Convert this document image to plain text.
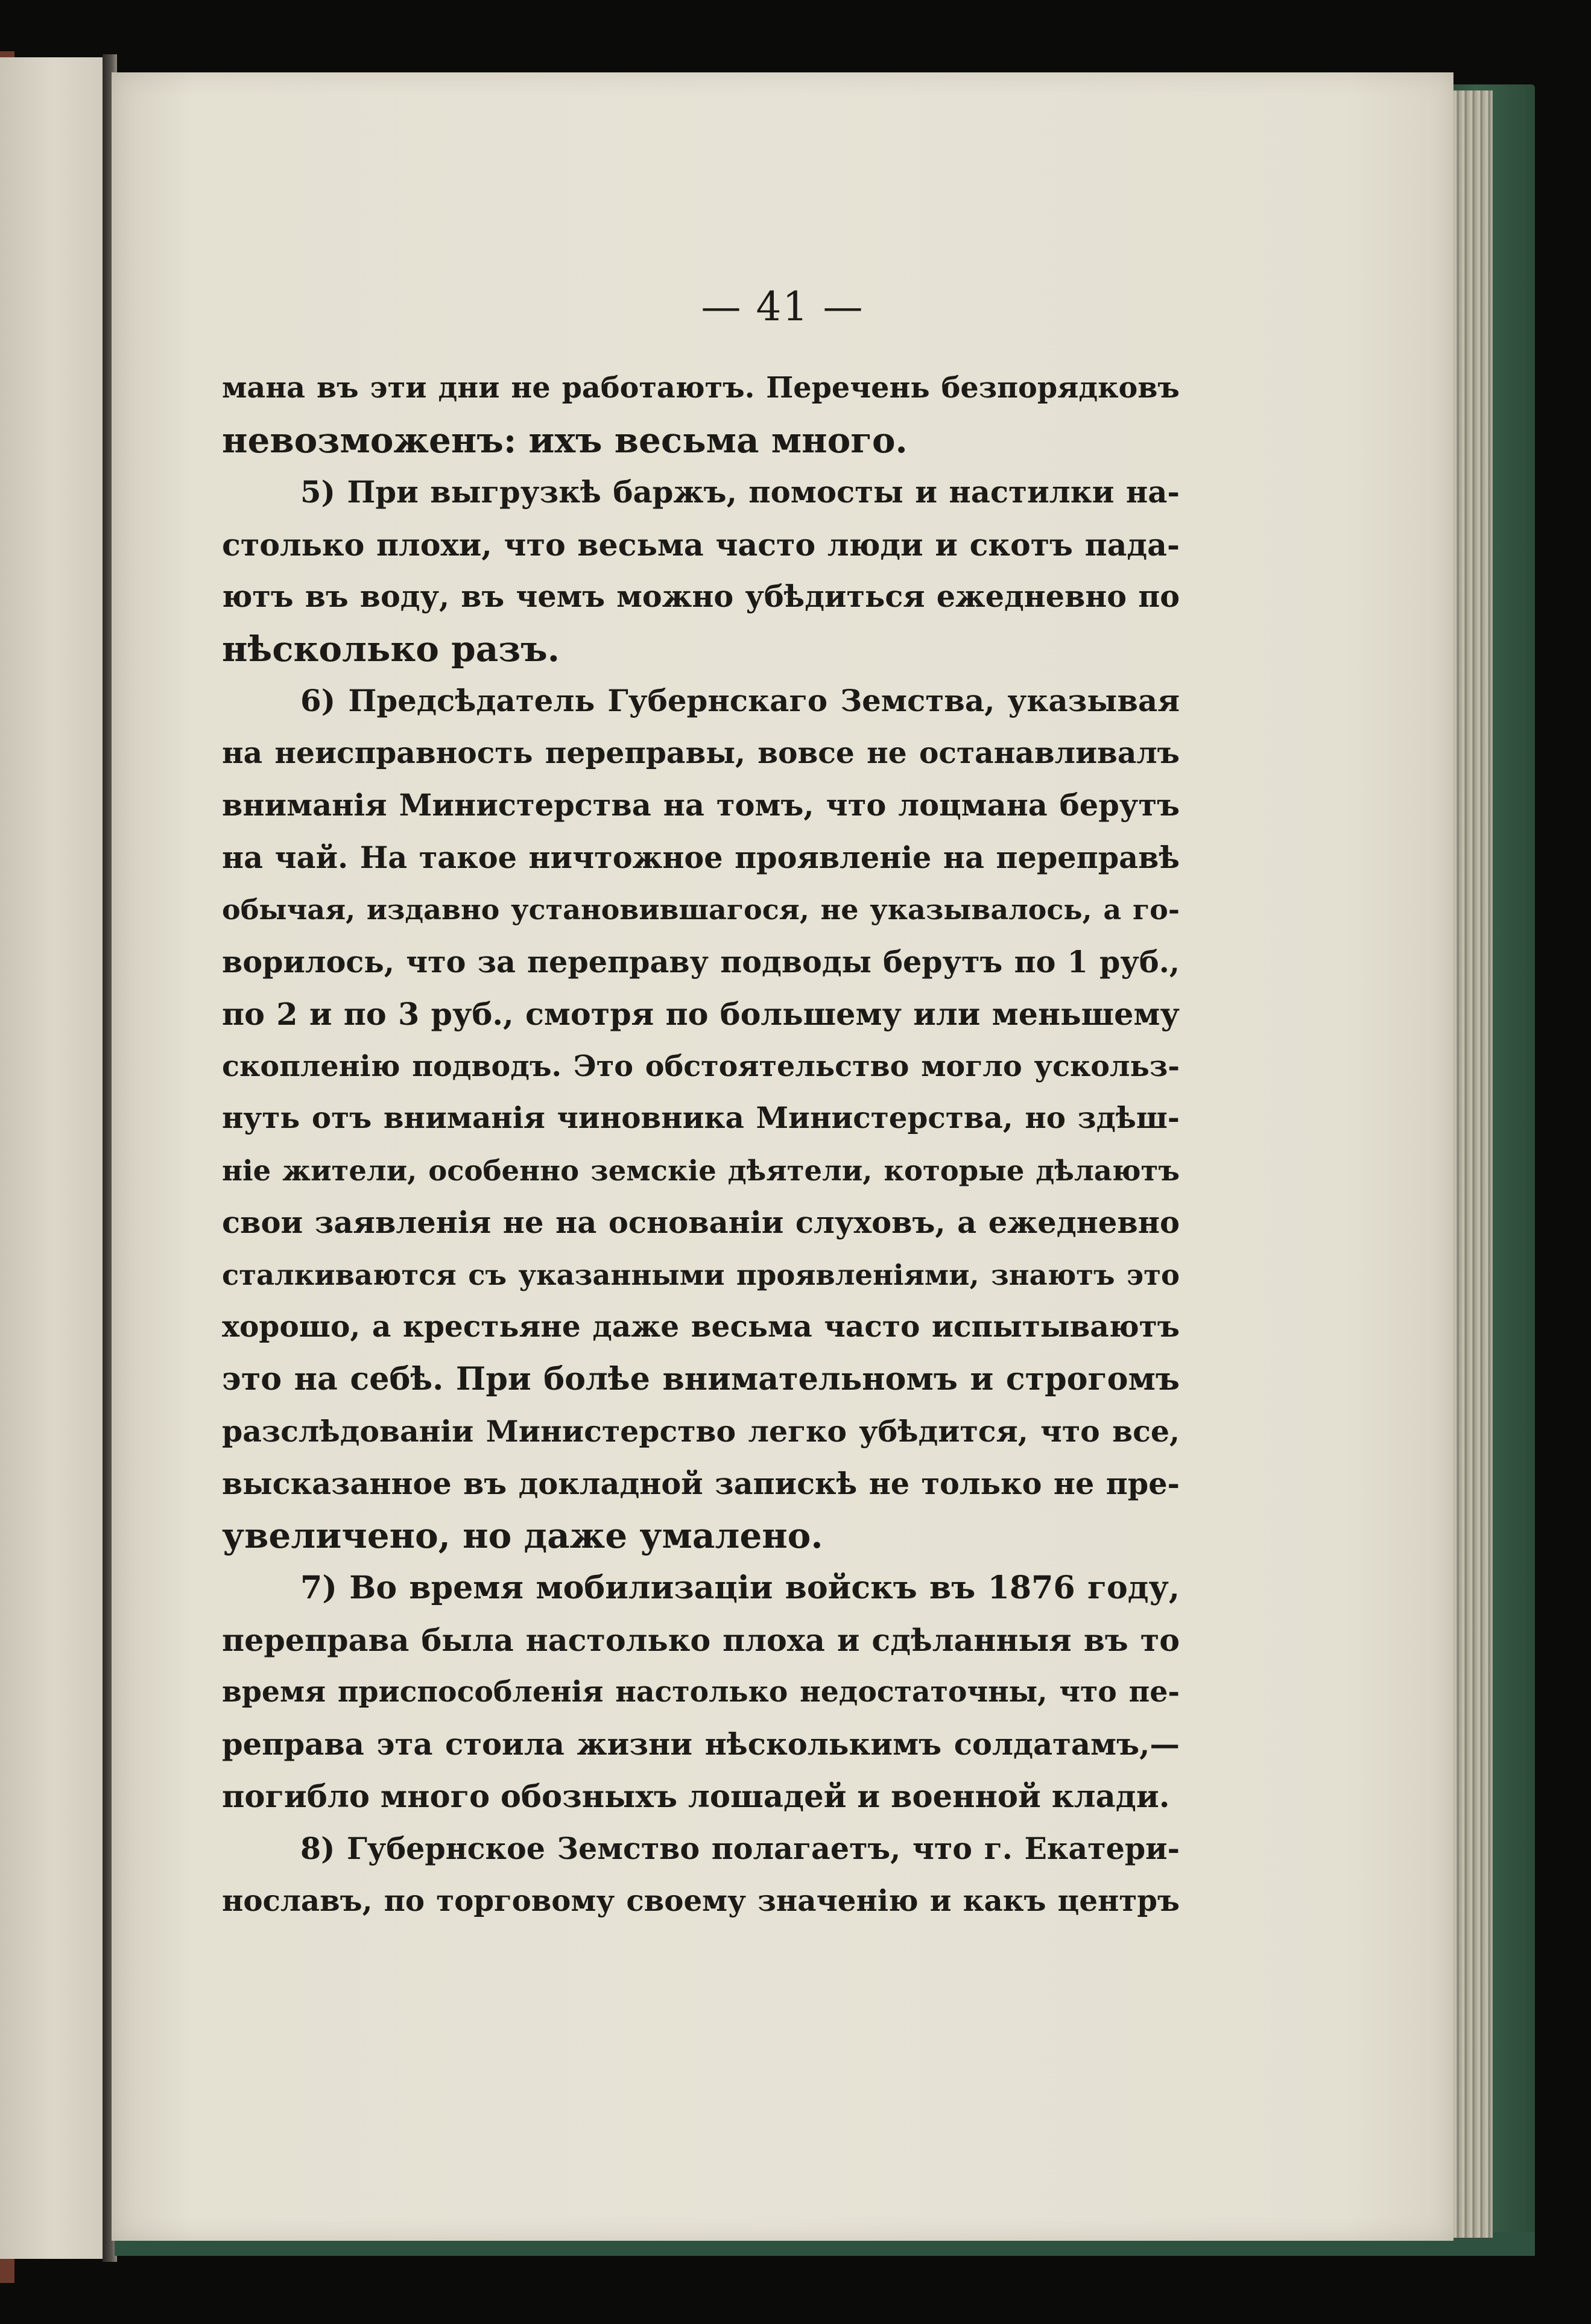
— 41 —
мана въ эти дни не работаютъ. Перечень безпорядковъ
невозможенъ: ихъ весьма много.
5) При выгрузкѣ баржъ, помосты и настилки на-
столько плохи, что весьма часто люди и скотъ пада-
ютъ въ воду, въ чемъ можно убѣдиться ежедневно по
нѣсколько разъ.
6) Предсѣдатель Губернскаго Земства, указывая
на неисправность переправы, вовсе не останавливалъ
вниманія Министерства на томъ, что лоцмана берутъ
на чай. На такое ничтожное проявленіе на переправѣ
обычая, издавно установившагося, не указывалось, а го-
ворилось, что за переправу подводы берутъ по 1 руб.,
по 2 и по 3 руб., смотря по большему или меньшему
скопленію подводъ. Это обстоятельство могло ускольз-
нуть отъ вниманія чиновника Министерства, но здѣш-
ніе жители, особенно земскіе дѣятели, которые дѣлаютъ
свои заявленія не на основаніи слуховъ, а ежедневно
сталкиваются съ указанными проявленіями, знаютъ это
хорошо, а крестьяне даже весьма часто испытываютъ
это на себѣ. При болѣе внимательномъ и строгомъ
разслѣдованіи Министерство легко убѣдится, что все,
высказанное въ докладной запискѣ не только не пре-
увеличено, но даже умалено.
7) Во время мобилизаціи войскъ въ 1876 году,
переправа была настолько плоха и сдѣланныя въ то
время приспособленія настолько недостаточны, что пе-
реправа эта стоила жизни нѣсколькимъ солдатамъ,—
погибло много обозныхъ лошадей и военной клади.
8) Губернское Земство полагаетъ, что г. Екатери-
нославъ, по торговому своему значенію и какъ центръ
